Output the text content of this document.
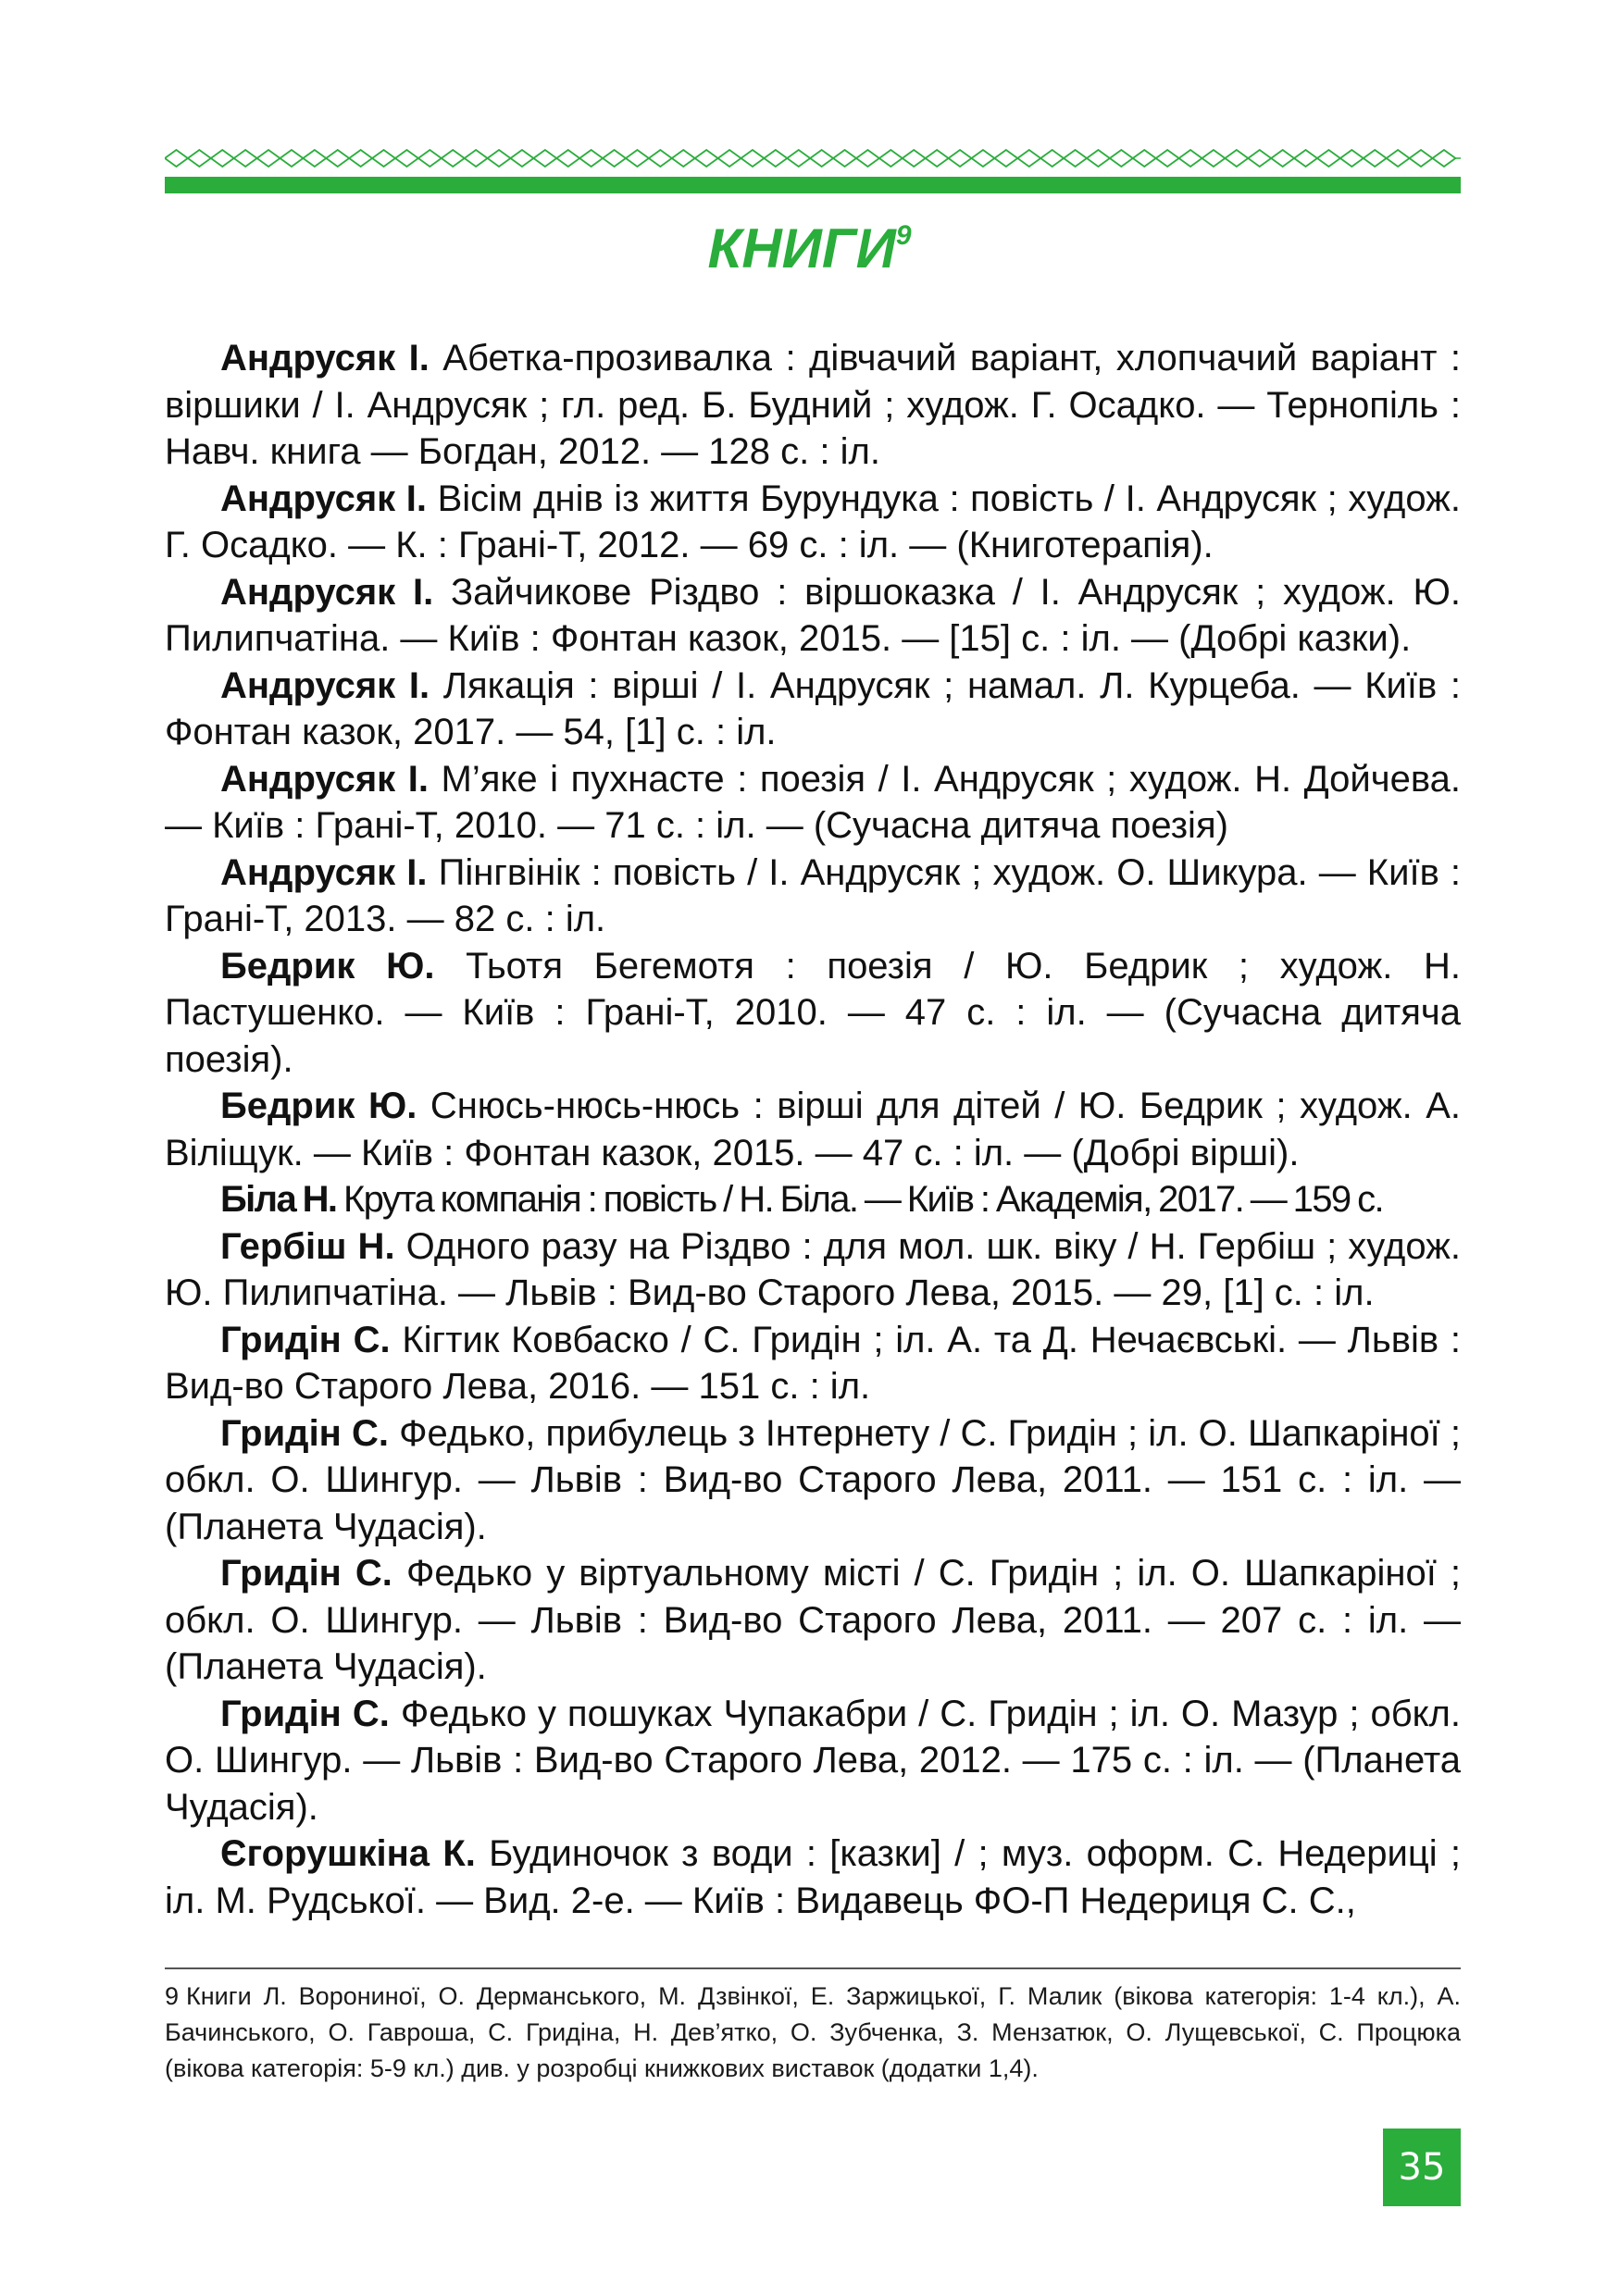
КНИГИ$^9$

Андрусяк І. Абетка-прозивалка : дівчачий варіант, хлопчачий варіант : віршики / І. Андрусяк ; гл. ред. Б. Будний ; худож. Г. Осадко. — Тернопіль : Навч. книга — Богдан, 2012. — 128 с. : іл.

Андрусяк І. Вісім днів із життя Бурундука : повість / І. Андрусяк ; худож. Г. Осадко. — К. : Грані-Т, 2012. — 69 с. : іл. — (Книготерапія).

Андрусяк І. Зайчикове Різдво : віршоказка / І. Андрусяк ; худож. Ю. Пилипчатіна. — Київ : Фонтан казок, 2015. — [15] с. : іл. — (Добрі казки).

Андрусяк І. Лякація : вірші / І. Андрусяк ; намал. Л. Курцеба. — Київ : Фонтан казок, 2017. — 54, [1] с. : іл.

Андрусяк І. М’яке і пухнасте : поезія / І. Андрусяк ; худож. Н. Дойчева. — Київ : Грані-Т, 2010. — 71 с. : іл. — (Сучасна дитяча поезія)

Андрусяк І. Пінгвінік : повість / І. Андрусяк ; худож. О. Шикура. — Київ : Грані-Т, 2013. — 82 с. : іл.

Бедрик Ю. Тьотя Бегемотя : поезія / Ю. Бедрик ; худож. Н. Пастушенко. — Київ : Грані-Т, 2010. — 47 с. : іл. — (Сучасна дитяча поезія).

Бедрик Ю. Снюсь-нюсь-нюсь : вірші для дітей / Ю. Бедрик ; худож. А. Віліщук. — Київ : Фонтан казок, 2015. — 47 с. : іл. — (Добрі вірші).

Біла Н. Крута компанія : повість / Н. Біла. — Київ : Академія, 2017. — 159 с.

Гербіш Н. Одного разу на Різдво : для мол. шк. віку / Н. Гербіш ; худож. Ю. Пилипчатіна. — Львів : Вид-во Старого Лева, 2015. — 29, [1] с. : іл.

Гридін С. Кігтик Ковбаско / С. Гридін ; іл. А. та Д. Нечаєвські. — Львів : Вид-во Старого Лева, 2016. — 151 с. : іл.

Гридін С. Федько, прибулець з Інтернету / С. Гридін ; іл. О. Шапкаріної ; обкл. О. Шингур. — Львів : Вид-во Старого Лева, 2011. — 151 с. : іл. — (Планета Чудасія).

Гридін С. Федько у віртуальному місті / С. Гридін ; іл. О. Шапкаріної ; обкл. О. Шингур. — Львів : Вид-во Старого Лева, 2011. — 207 с. : іл. — (Планета Чудасія).

Гридін С. Федько у пошуках Чупакабри / С. Гридін ; іл. О. Мазур ; обкл. О. Шингур. — Львів : Вид-во Старого Лева, 2012. — 175 с. : іл. — (Планета Чудасія).

Єгорушкіна К. Будиночок з води : [казки] / ; муз. оформ. С. Недериці ; іл. М. Рудської. — Вид. 2-е. — Київ : Видавець ФО-П Недериця С. С.,

9 Книги Л. Ворониної, О. Дерманського, М. Дзвінкої, Е. Заржицької, Г. Малик (вікова категорія: 1-4 кл.), А. Бачинського, О. Гавроша, С. Гридіна, Н. Дев’ятко, О. Зубченка, З. Мензатюк, О. Лущевської, С. Процюка (вікова категорія: 5-9 кл.) див. у розробці книжкових виставок (додатки 1,4).
35
